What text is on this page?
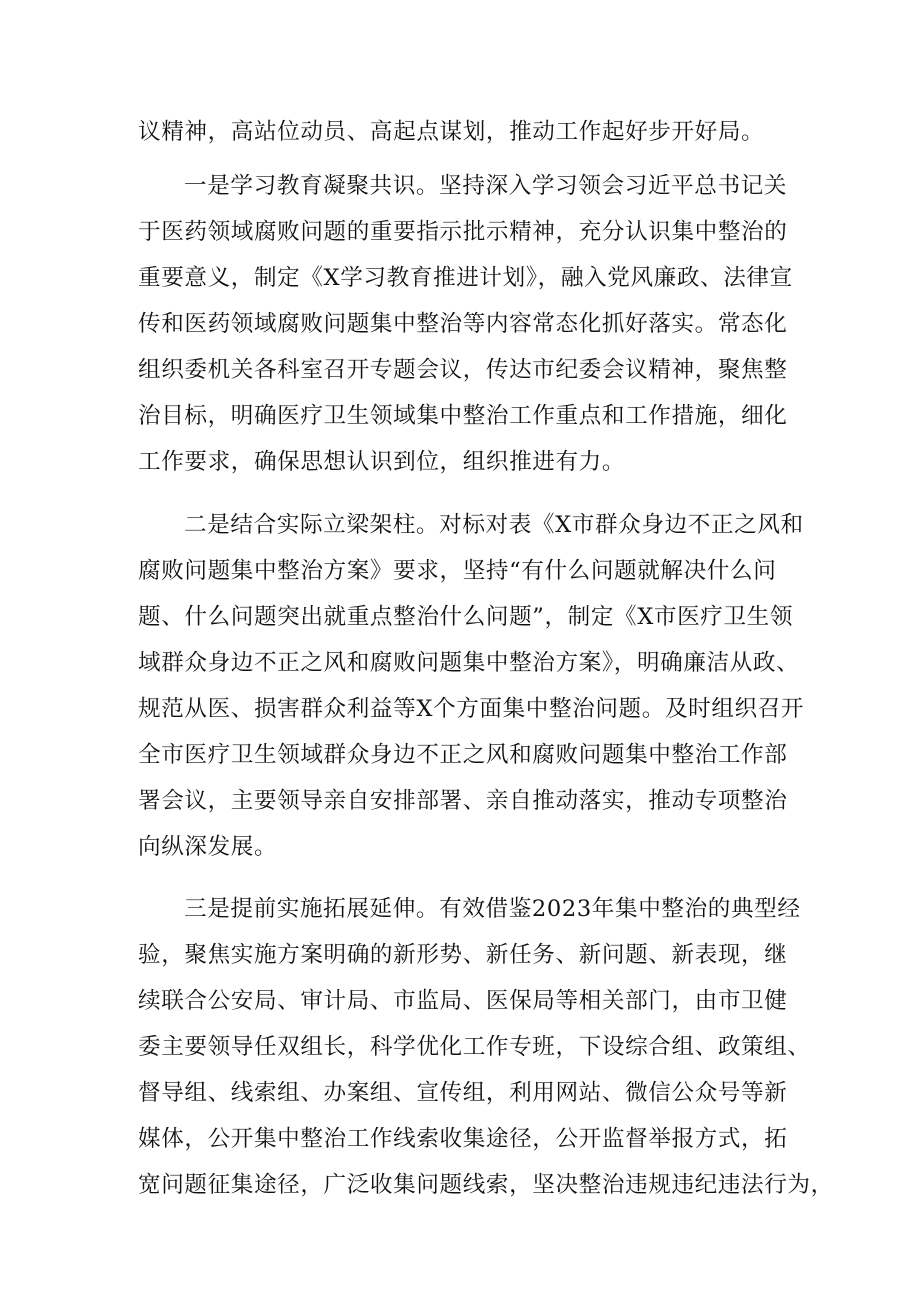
议精神，高站位动员、高起点谋划，推动工作起好步开好局。
一是学习教育凝聚共识。坚持深入学习领会习近平总书记关
于医药领域腐败问题的重要指示批示精神，充分认识集中整治的
重要意义，制定《X学习教育推进计划》，融入党风廉政、法律宣
传和医药领域腐败问题集中整治等内容常态化抓好落实。常态化
组织委机关各科室召开专题会议，传达市纪委会议精神，聚焦整
治目标，明确医疗卫生领域集中整治工作重点和工作措施，细化
工作要求，确保思想认识到位，组织推进有力。
二是结合实际立梁架柱。对标对表《X市群众身边不正之风和
腐败问题集中整治方案》要求，坚持“有什么问题就解决什么问
题、什么问题突出就重点整治什么问题”，制定《X市医疗卫生领
域群众身边不正之风和腐败问题集中整治方案》，明确廉洁从政、
规范从医、损害群众利益等X个方面集中整治问题。及时组织召开
全市医疗卫生领域群众身边不正之风和腐败问题集中整治工作部
署会议，主要领导亲自安排部署、亲自推动落实，推动专项整治
向纵深发展。
三是提前实施拓展延伸。有效借鉴2023年集中整治的典型经
验，聚焦实施方案明确的新形势、新任务、新问题、新表现，继
续联合公安局、审计局、市监局、医保局等相关部门，由市卫健
委主要领导任双组长，科学优化工作专班，下设综合组、政策组、
督导组、线索组、办案组、宣传组，利用网站、微信公众号等新
媒体，公开集中整治工作线索收集途径，公开监督举报方式，拓
宽问题征集途径，广泛收集问题线索，坚决整治违规违纪违法行为，
